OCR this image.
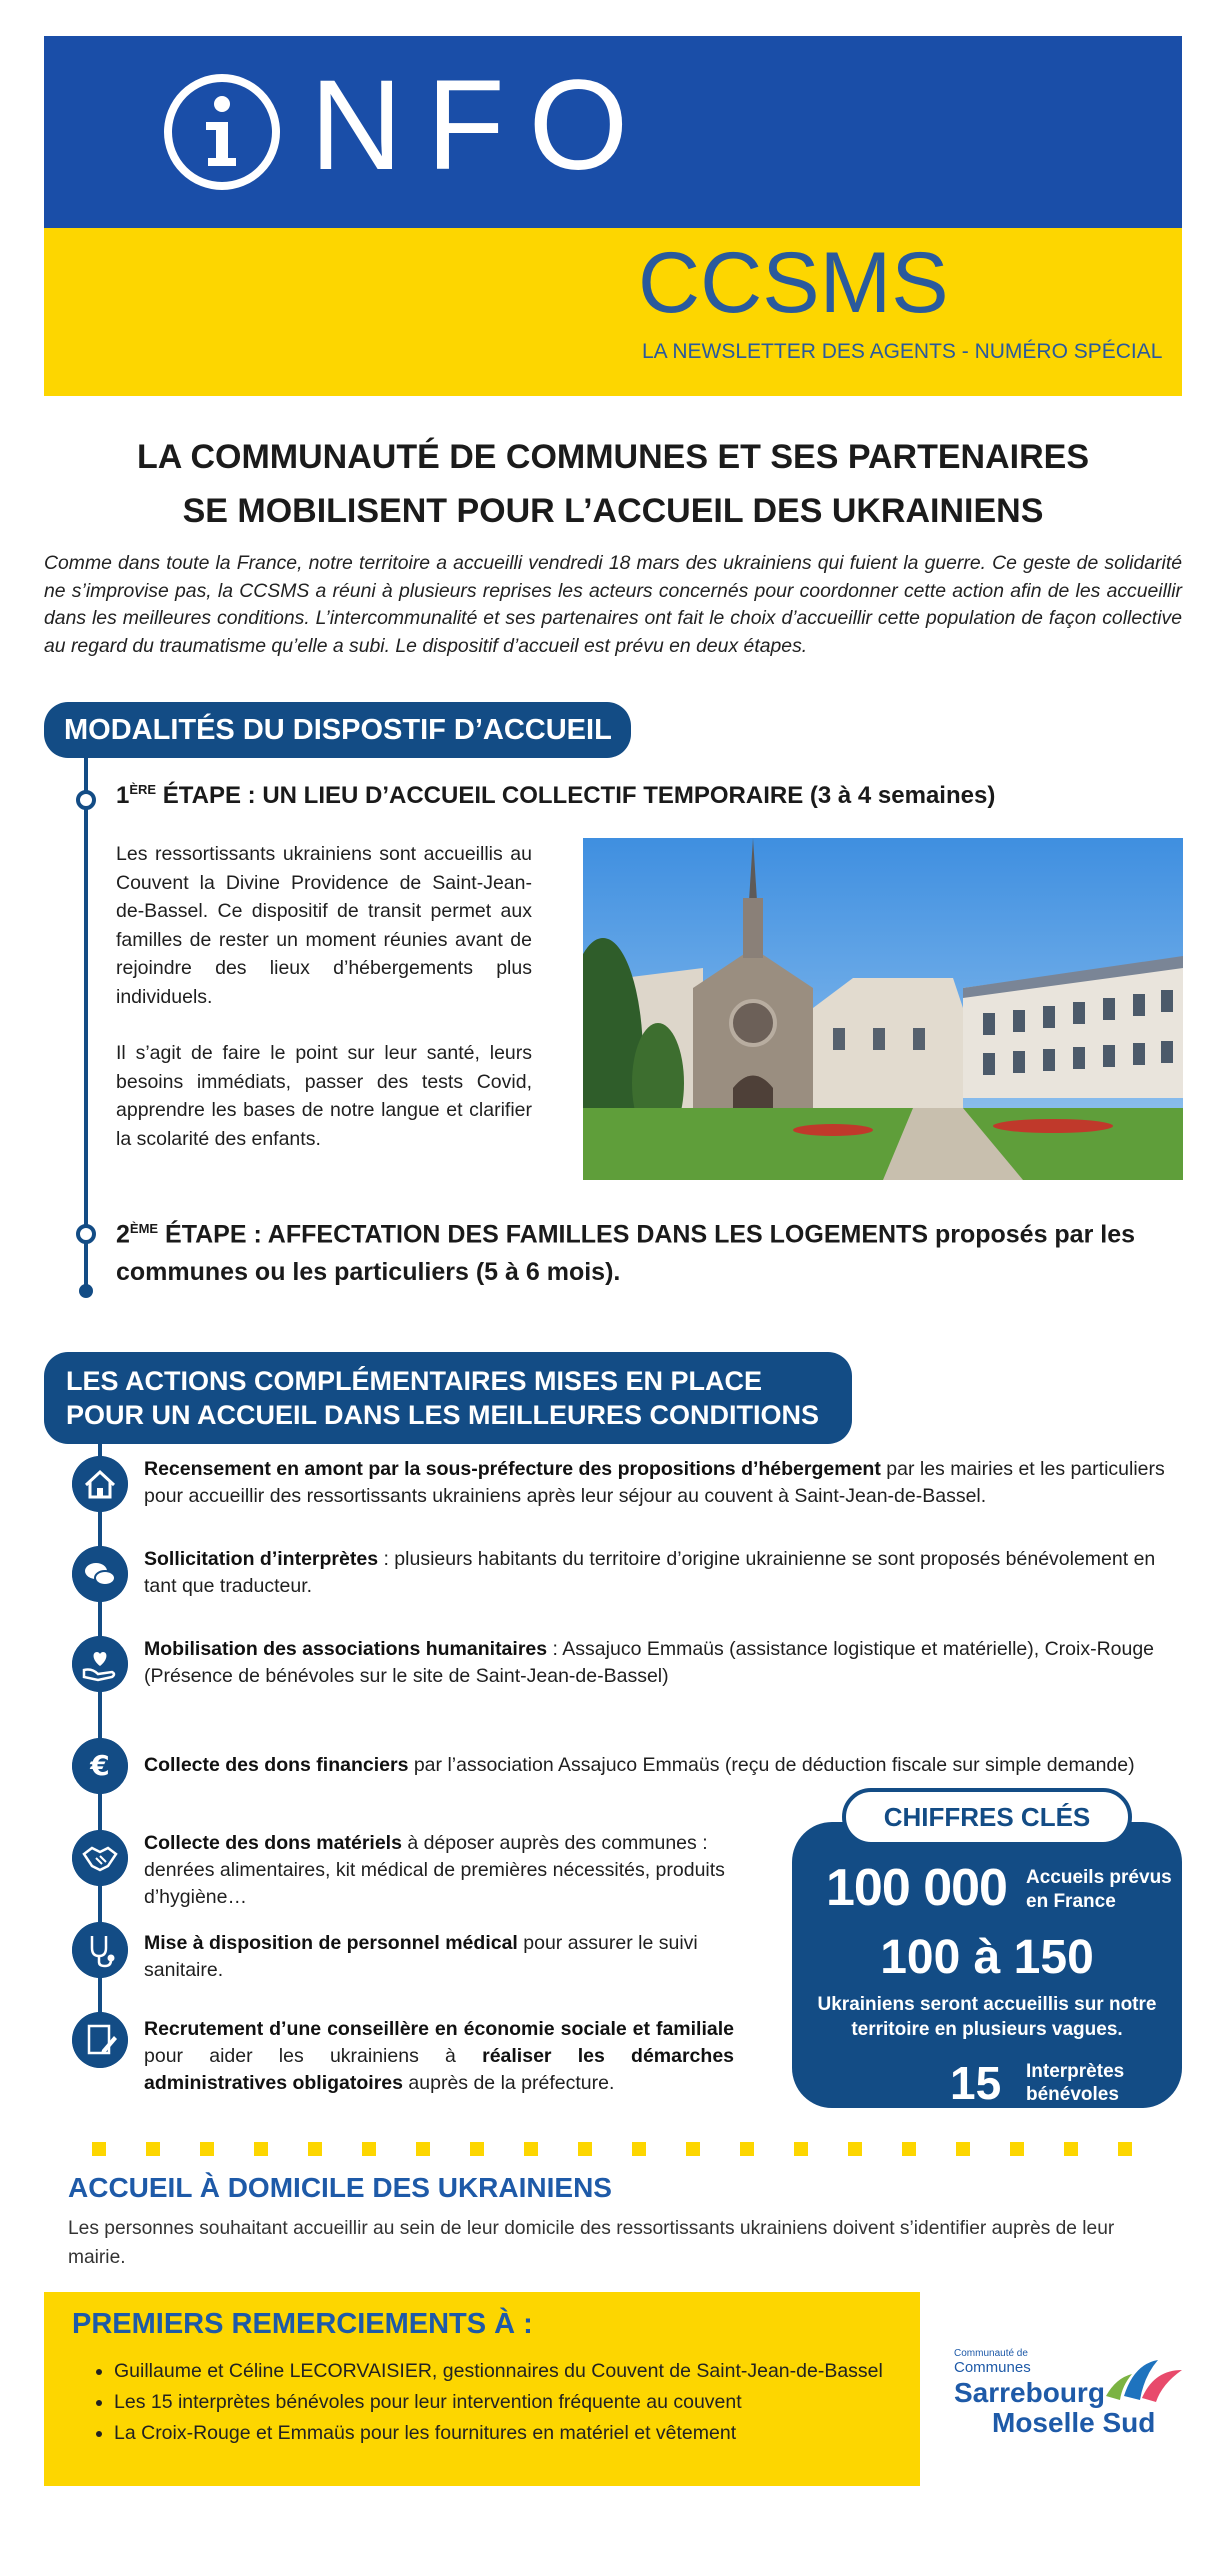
NFO
CCSMS
LA NEWSLETTER DES AGENTS - NUMÉRO SPÉCIAL
LA COMMUNAUTÉ DE COMMUNES ET SES PARTENAIRES
SE MOBILISENT POUR L’ACCUEIL DES UKRAINIENS
Comme dans toute la France, notre territoire a accueilli vendredi 18 mars des ukrainiens qui fuient la guerre. Ce geste de solidarité ne s’improvise pas, la CCSMS a réuni à plusieurs reprises les acteurs concernés pour coordonner cette action afin de les accueillir dans les meilleures conditions. L’intercommunalité et ses partenaires ont fait le choix d’accueillir cette population de façon collective au regard du traumatisme qu’elle a subi. Le dispositif d’accueil est prévu en deux étapes.
MODALITÉS DU DISPOSTIF D’ACCUEIL
1ÈRE ÉTAPE : UN LIEU D’ACCUEIL COLLECTIF TEMPORAIRE (3 à 4 semaines)

Les ressortissants ukrainiens sont accueillis au Couvent la Divine Providence de Saint-Jean-de-Bassel. Ce dispositif de transit permet aux familles de rester un moment réunies avant de rejoindre des lieux d’hébergements plus individuels.

Il s’agit de faire le point sur leur santé, leurs besoins immédiats, passer des tests Covid, apprendre les bases de notre langue et clarifier la scolarité des enfants.

2ÈME ÉTAPE : AFFECTATION DES FAMILLES DANS LES LOGEMENTS proposés par les communes ou les particuliers (5 à 6 mois).
LES ACTIONS COMPLÉMENTAIRES MISES EN PLACE
POUR UN ACCUEIL DANS LES MEILLEURES CONDITIONS
€
Recensement en amont par la sous-préfecture des propositions d’hébergement par les mairies et les particuliers pour accueillir des ressortissants ukrainiens après leur séjour au couvent à Saint-Jean-de-Bassel.
Sollicitation d’interprètes : plusieurs habitants du territoire d’origine ukrainienne se sont proposés bénévolement en tant que traducteur.
Mobilisation des associations humanitaires : Assajuco Emmaüs (assistance logistique et matérielle), Croix-Rouge (Présence de bénévoles sur le site de Saint-Jean-de-Bassel)
Collecte des dons financiers par l’association Assajuco Emmaüs (reçu de déduction fiscale sur simple demande)
Collecte des dons matériels à déposer auprès des communes : denrées alimentaires, kit médical de premières nécessités, produits d’hygiène…
Mise à disposition de personnel médical pour assurer le suivi sanitaire.
Recrutement d’une conseillère en économie sociale et familiale pour aider les ukrainiens à réaliser les démarches administratives obligatoires auprès de la préfecture.
CHIFFRES CLÉS
100 000 Accueils prévus
en France
100 à 150
Ukrainiens seront accueillis sur notre
territoire en plusieurs vagues.
15 Interprètes
bénévoles
ACCUEIL À DOMICILE DES UKRAINIENS
Les personnes souhaitant accueillir au sein de leur domicile des ressortissants ukrainiens doivent s’identifier auprès de leur mairie.
PREMIERS REMERCIEMENTS À :
• Guillaume et Céline LECORVAISIER, gestionnaires du Couvent de Saint-Jean-de-Bassel
• Les 15 interprètes bénévoles pour leur intervention fréquente au couvent
• La Croix-Rouge et Emmaüs pour les fournitures en matériel et vêtement
Communauté de
Communes
Sarrebourg
Moselle Sud
